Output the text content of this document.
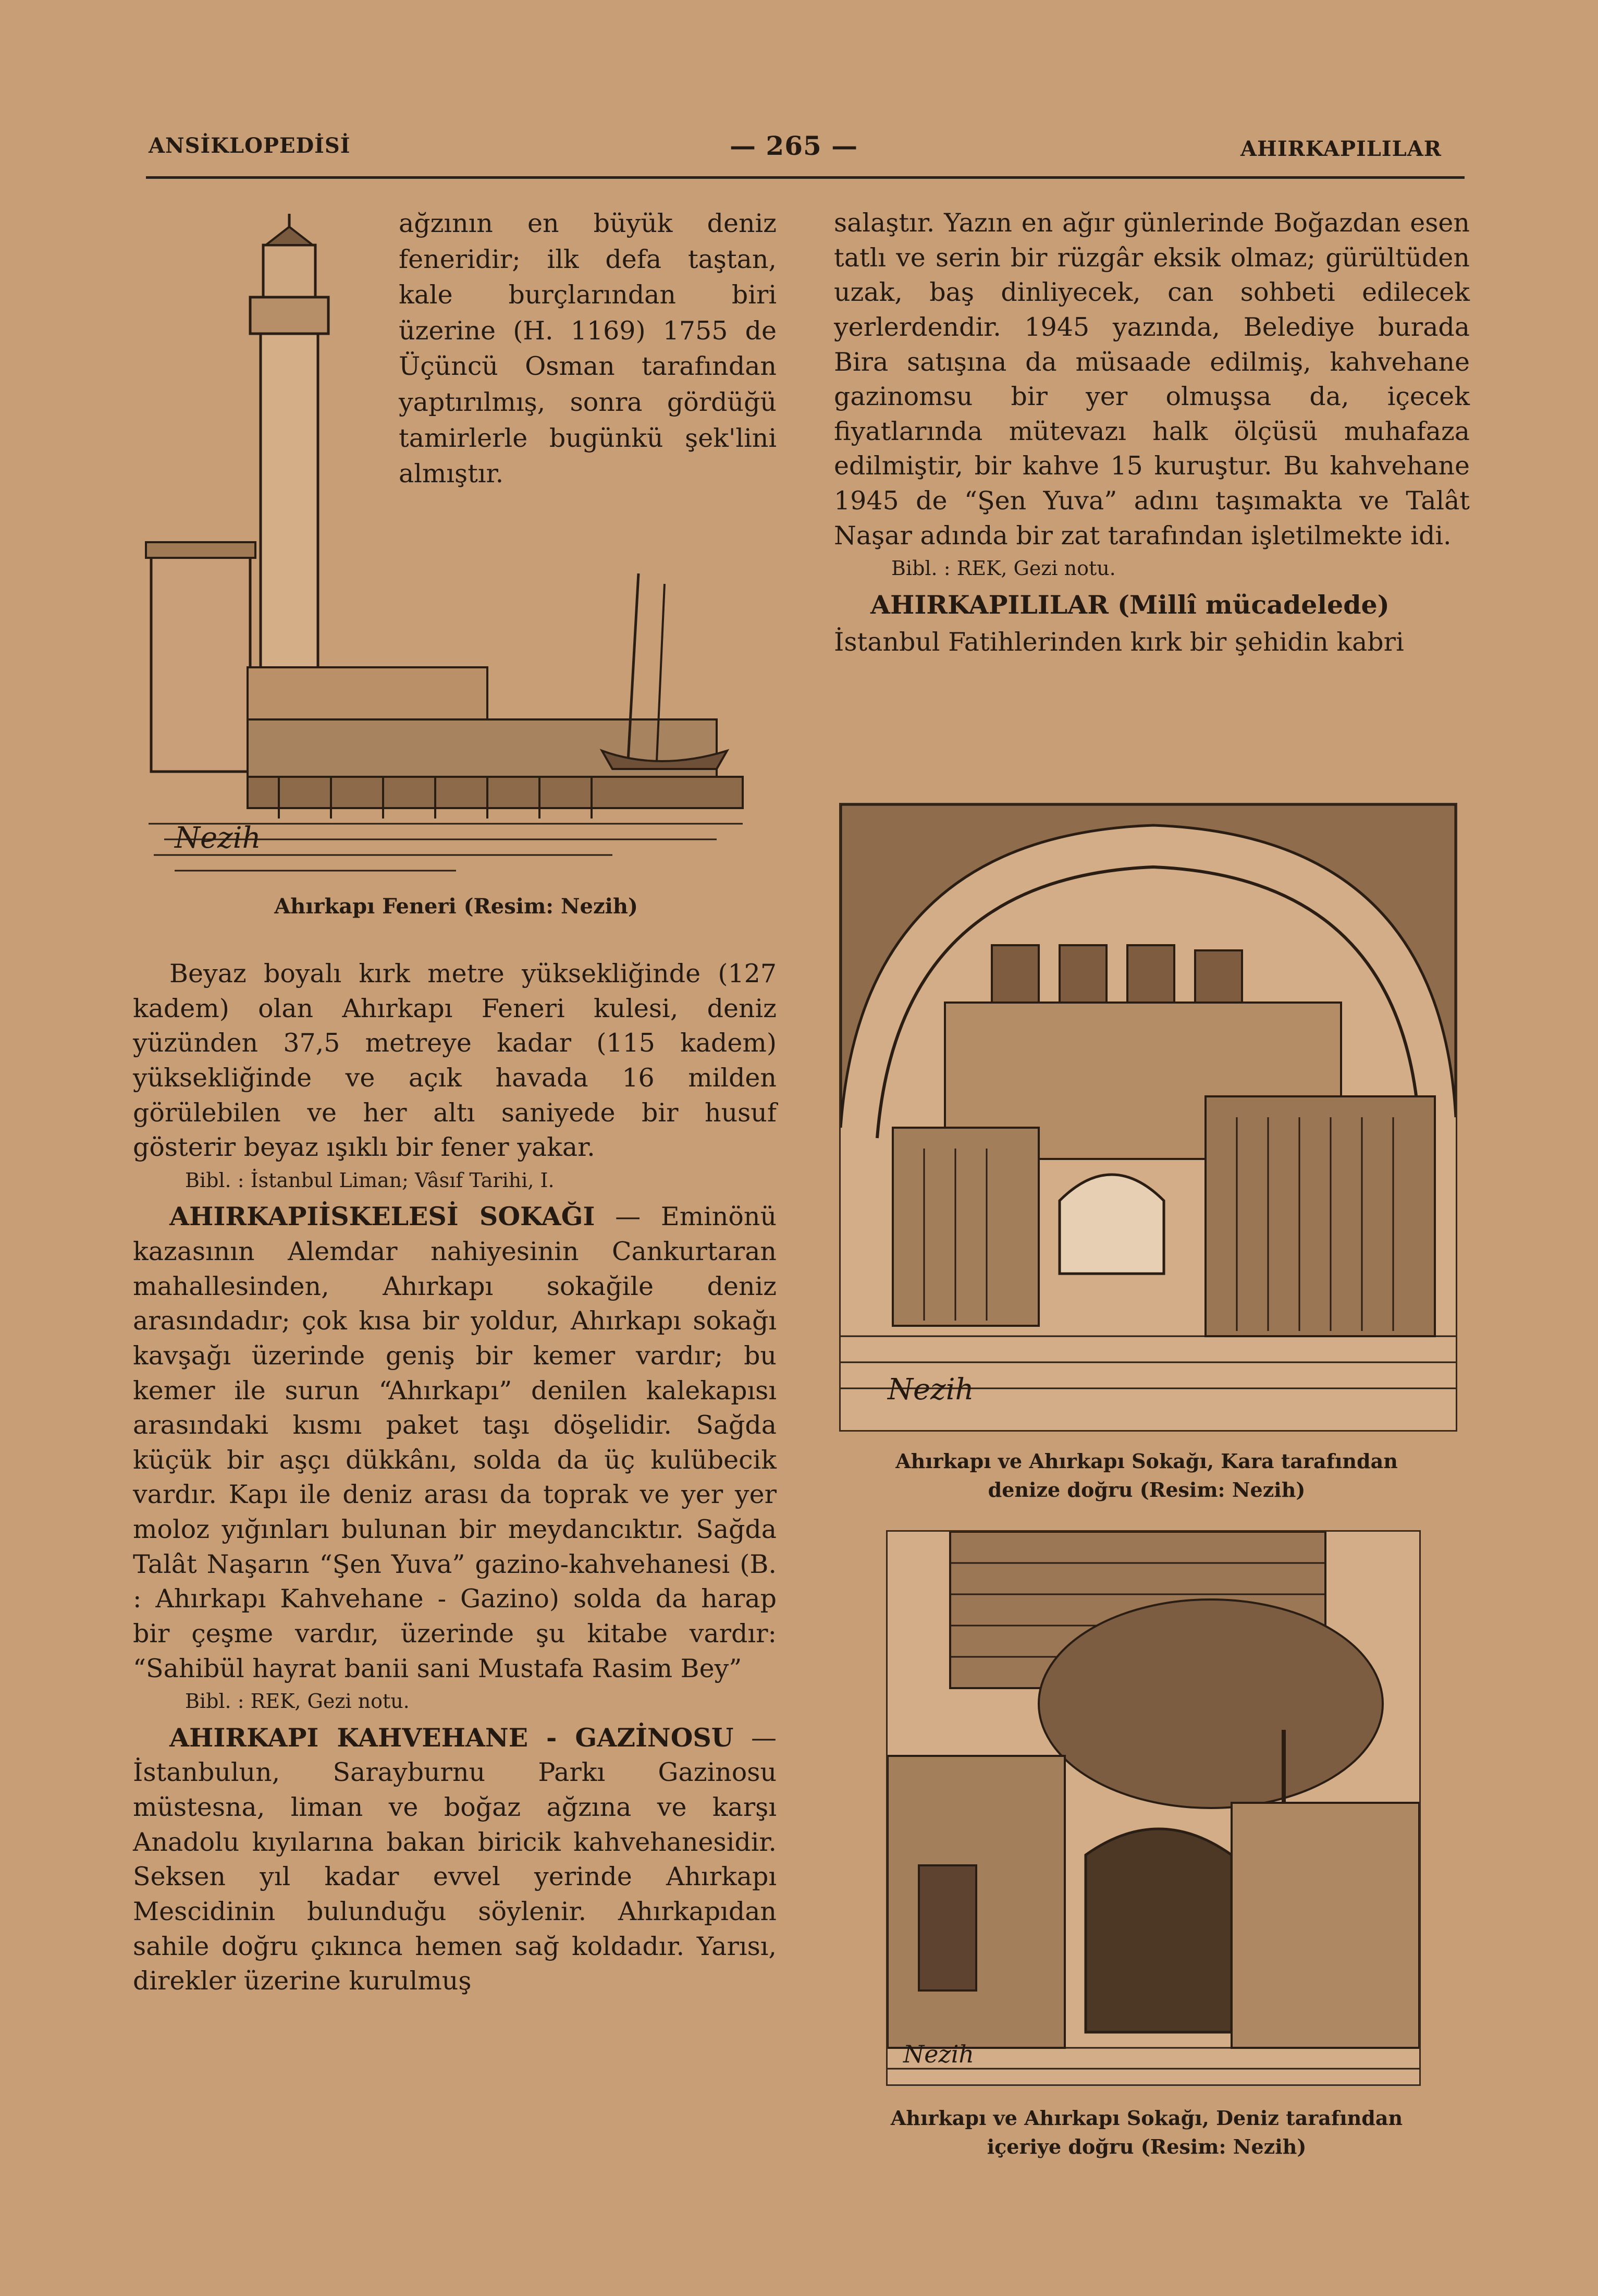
ANSİKLOPEDİSİ	— 265 —	AHIRKAPILILAR
Nezih
ağzının en büyük deniz feneridir; ilk defa taştan, kale burçlarından biri üzerine (H. 1169) 1755 de Üçüncü Osman tarafından yaptırılmış, sonra gördüğü tamirlerle bugünkü şek'lini almıştır.
Ahırkapı Feneri (Resim: Nezih)

Beyaz boyalı kırk metre yüksekliğinde (127 kadem) olan Ahırkapı Feneri kulesi, deniz yüzünden 37,5 metreye kadar (115 kadem) yüksekliğinde ve açık havada 16 milden görülebilen ve her altı saniyede bir husuf gösterir beyaz ışıklı bir fener yakar.

Bibl. : İstanbul Liman; Vâsıf Tarihi, I.

AHIRKAPIİSKELESİ SOKAĞI — Eminönü kazasının Alemdar nahiyesinin Cankurtaran mahallesinden, Ahırkapı sokağile deniz arasındadır; çok kısa bir yoldur, Ahırkapı sokağı kavşağı üzerinde geniş bir kemer vardır; bu kemer ile surun “Ahırkapı” denilen kalekapısı arasındaki kısmı paket taşı döşelidir. Sağda küçük bir aşçı dükkânı, solda da üç kulübecik vardır. Kapı ile deniz arası da toprak ve yer yer moloz yığınları bulunan bir meydancıktır. Sağda Talât Naşarın “Şen Yuva” gazino-kahvehanesi (B. : Ahırkapı Kahvehane - Gazino) solda da harap bir çeşme vardır, üzerinde şu kitabe vardır: “Sahibül hayrat banii sani Mustafa Rasim Bey”

Bibl. : REK, Gezi notu.

AHIRKAPI KAHVEHANE - GAZİNOSU — İstanbulun, Sarayburnu Parkı Gazinosu müstesna, liman ve boğaz ağzına ve karşı Anadolu kıyılarına bakan biricik kahvehanesidir. Seksen yıl kadar evvel yerinde Ahırkapı Mescidinin bulunduğu söylenir. Ahırkapıdan sahile doğru çıkınca hemen sağ koldadır. Yarısı, direkler üzerine kurulmuş

salaştır. Yazın en ağır günlerinde Boğazdan esen tatlı ve serin bir rüzgâr eksik olmaz; gürültüden uzak, baş dinliyecek, can sohbeti edilecek yerlerdendir. 1945 yazında, Belediye burada Bira satışına da müsaade edilmiş, kahvehane gazinomsu bir yer olmuşsa da, içecek fiyatlarında mütevazı halk ölçüsü muhafaza edilmiştir, bir kahve 15 kuruştur. Bu kahvehane 1945 de “Şen Yuva” adını taşımakta ve Talât Naşar adında bir zat tarafından işletilmekte idi.

Bibl. : REK, Gezi notu.

AHIRKAPILILAR (Millî mücadelede)

İstanbul Fatihlerinden kırk bir şehidin kabri

Nezih
Ahırkapı ve Ahırkapı Sokağı, Kara tarafından
denize doğru (Resim: Nezih)
Nezih
Ahırkapı ve Ahırkapı Sokağı, Deniz tarafından
içeriye doğru (Resim: Nezih)
